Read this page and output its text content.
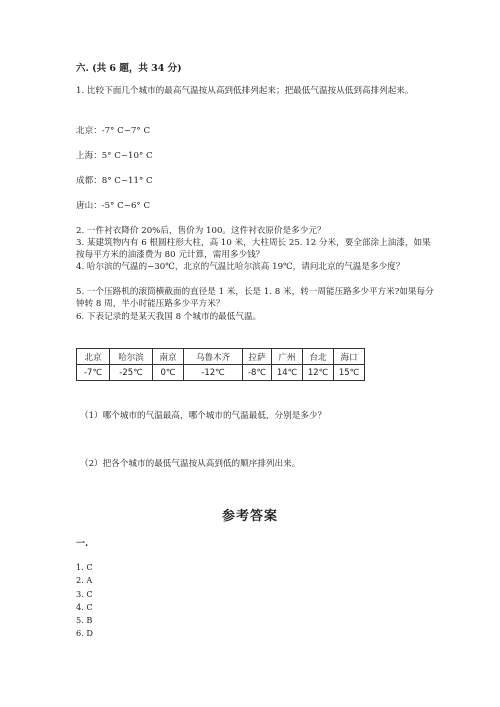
六. (共 6 题，共 34 分)
1. 比较下面几个城市的最高气温按从高到低排列起来；把最低气温按从低到高排列起来。
北京：-7° C~7° C
上海：5° C~10° C
成都：8° C~11° C
唐山：-5° C~6° C
2. 一件衬衣降价 20%后，售价为 100。这件衬衣原价是多少元？
3. 某建筑物内有 6 根圆柱形大柱，高 10 米，大柱周长 25. 12 分米，要全部涂上油漆，如果按每平方米的油漆费为 80 元计算，需用多少钱？
4. 哈尔滨的气温的−30℃，北京的气温比哈尔滨高 19℃，请问北京的气温是多少度？
5. 一个压路机的滚筒横截面的直径是 1 米，长是 1. 8 米，转一周能压路多少平方米?如果每分钟转 8 周，半小时能压路多少平方米？
6. 下表记录的是某天我国 8 个城市的最低气温。
北京	哈尔滨	南京	乌鲁木齐	拉萨	广州	台北	海口
-7℃	-25℃	0℃	-12℃	-8℃	14℃	12℃	15℃
（1）哪个城市的气温最高，哪个城市的气温最低，分别是多少？
（2）把各个城市的最低气温按从高到低的顺序排列出来。
参考答案
一.
1. C
2. A
3. C
4. C
5. B
6. D
